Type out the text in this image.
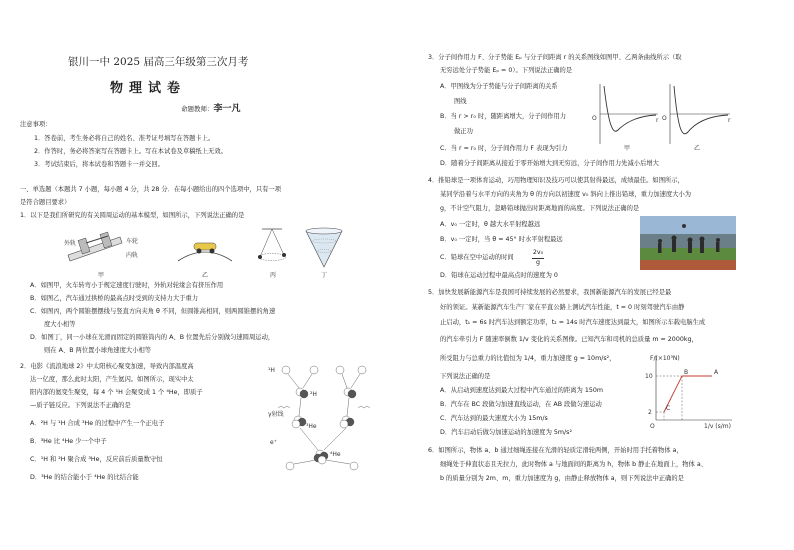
银川一中 2025 届高三年级第三次月考
物理试卷
命题教师：李一凡
注意事项：
1．答卷前，考生务必将自己的姓名、准考证号填写在答题卡上。
2．作答时，务必将答案写在答题卡上。写在本试卷及草稿纸上无效。
3．考试结束后，将本试卷和答题卡一并交回。
一、单选题（本题共 7 小题，每小题 4 分，共 28 分．在每小题给出的四个选项中，只有一项
是符合题目要求）
1．以下是我们所研究的有关圆周运动的基本模型，如图所示，下列说法正确的是
外轨	车轮
内轨
甲	乙	丙	丁
A．如图甲，火车转弯小于规定速度行驶时，外轨对轮缘会有挤压作用
B．如图乙，汽车通过拱桥的最高点时受到的支持力大于重力
C．如图丙，两个圆锥摆摆线与竖直方向夹角 θ 不同，但圆锥高相同，则两圆锥摆的角速
度大小相等
D．如图丁，同一小球在光滑而固定的圆锥筒内的 A、B 位置先后分别做匀速圆周运动，
则在 A、B 两位置小球角速度大小相等
2．电影《流浪地球 2》中太阳核心聚变加速，导致内部温度高
达一亿度，那么此时太阳，产生氦闪。如图所示，现实中太
阳内部的氦变生聚变，每 4 个 ¹H 会聚变成 1 个 ⁴He，即质子
—质子链反应。下列说法不正确的是
A．²H 与 ¹H 合成 ³He 的过程中产生一个正电子
B．³He 比 ⁴He 少一个中子
C．¹H 和 ²H 聚合成 ³He，反应前后质量数守恒
D．³He 的结合能小于 ⁴He 的比结合能
¹H
²H
³He
⁴He
γ射线
e⁺
3．分子间作用力 F、分子势能 Eₚ 与分子间距离 r 的关系图线如图甲、乙两条曲线所示（取
无穷远处分子势能 Eₚ = 0）。下列说法正确的是
A．甲图线为分子势能与分子间距离的关系
图线
B．当 r > r₀ 时，随距离增大，分子间作用力
做正功
C．当 r = r₀ 时，分子间作用力 F 表现为引力
D．随着分子间距离从接近于零开始增大到无穷远，分子间作用力先减小后增大
O	r
甲
O	r
乙
4．推铅球是一项体育运动，巧用物理知识及技巧可以使其射得最远，成绩最佳。如图所示，
某同学沿着与水平方向的夹角为 θ 的方向以初速度 v₀ 斜向上推出铅球，重力加速度大小为
g，不计空气阻力，忽略铅球抛出时距离地面的高度。下列说法正确的是
A．v₀ 一定时，θ 越大水平射程越远
B．v₀ 一定时，当 θ = 45° 时水平射程最远
C．铅球在空中运动的时间
2v₀
g
D．铅球在运动过程中最高点时的速度为 0
5．加快发展新能源汽车是我国可持续发展的必然要求，我国新能源汽车的发展已经是最
好的领证。某新能源汽车生产厂家在平直公路上测试汽车性能，t = 0 时刻驾驶汽车由静
止启动，t₁ = 6s 时汽车达到额定功率，t₂ = 14s 时汽车速度达到最大，如图所示车载电脑生成
的汽车牵引力 F 随速率倒数 1/v 变化的关系图像。已知汽车和司机的总质量 m = 2000kg，
所受阻力与总重力的比值恒为 1/4，重力加速度 g = 10m/s²，
下列说法正确的是
A．从启动到速度达到最大过程中汽车通过的距离为 150m
B．汽车在 BC 段做匀加速直线运动，在 AB 段做匀速运动
C．汽车达到的最大速度大小为 15m/s
D．汽车启动后做匀加速运动的加速度为 5m/s²
F/(×10³N)
10
2
A
B
C
O	1/v (s/m)
6．如图所示，物体 a、b 通过细绳连接在光滑的轻质定滑轮两侧，开始时用手托着物体 a，
细绳处于伸直状态且无拉力，此时物体 a 与地面间的距离为 h，物体 b 静止在地面上，物体 a、
b 的质量分别为 2m、m，重力加速度为 g，由静止释放物体 a，则下列说法中正确的是
